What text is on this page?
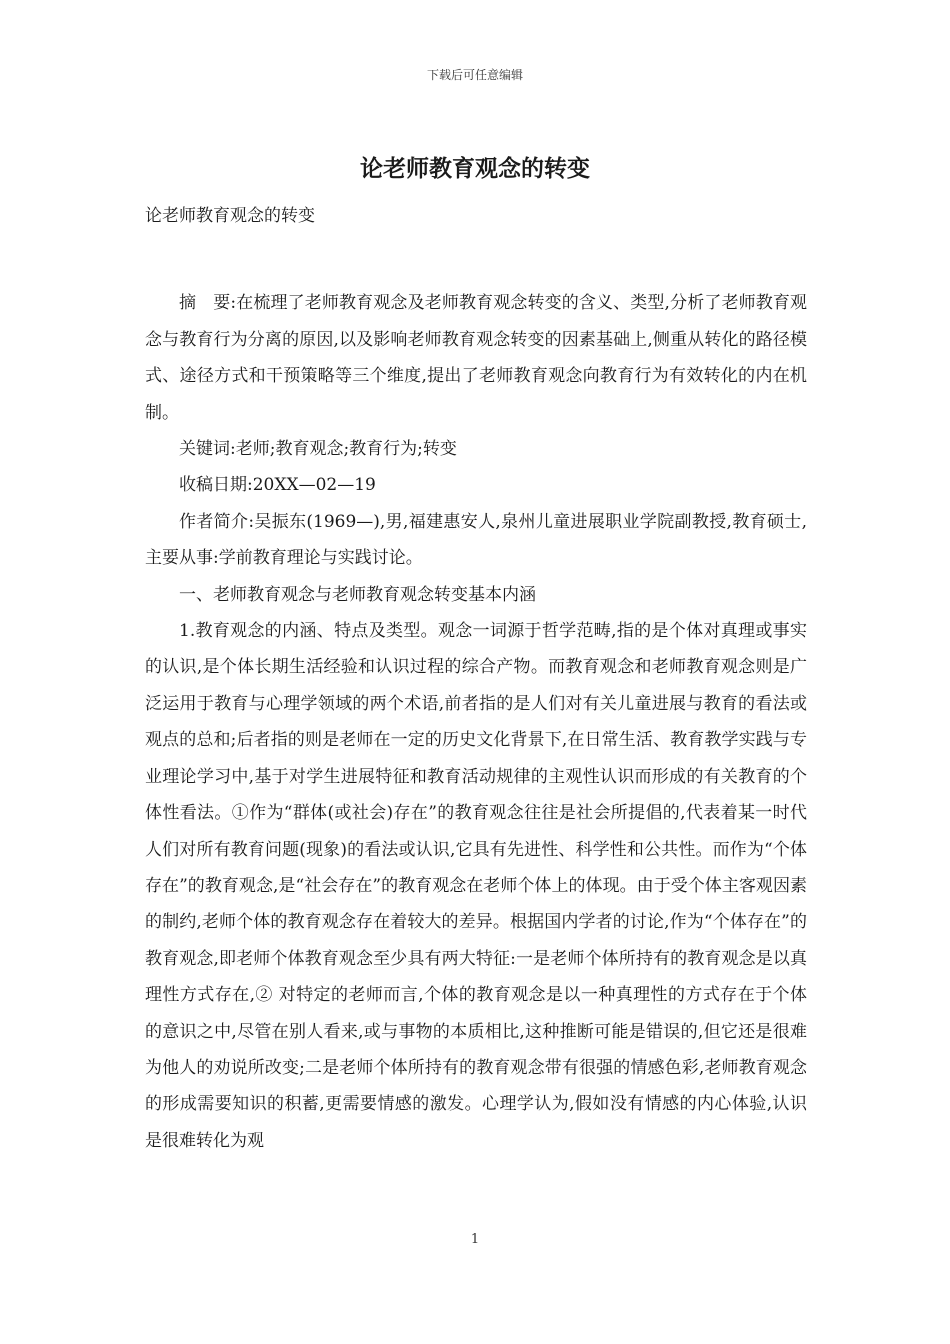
下载后可任意编辑
论老师教育观念的转变

论老师教育观念的转变

摘　要:在梳理了老师教育观念及老师教育观念转变的含义、类型,分析了老师教育观念与教育行为分离的原因,以及影响老师教育观念转变的因素基础上,侧重从转化的路径模式、途径方式和干预策略等三个维度,提出了老师教育观念向教育行为有效转化的内在机制。

关键词:老师;教育观念;教育行为;转变

收稿日期:20XX—02—19

作者简介:吴振东(1969—),男,福建惠安人,泉州儿童进展职业学院副教授,教育硕士,主要从事:学前教育理论与实践讨论。

一、老师教育观念与老师教育观念转变基本内涵

1.教育观念的内涵、特点及类型。观念一词源于哲学范畴,指的是个体对真理或事实的认识,是个体长期生活经验和认识过程的综合产物。而教育观念和老师教育观念则是广泛运用于教育与心理学领域的两个术语,前者指的是人们对有关儿童进展与教育的看法或观点的总和;后者指的则是老师在一定的历史文化背景下,在日常生活、教育教学实践与专业理论学习中,基于对学生进展特征和教育活动规律的主观性认识而形成的有关教育的个体性看法。①作为“群体(或社会)存在”的教育观念往往是社会所提倡的,代表着某一时代人们对所有教育问题(现象)的看法或认识,它具有先进性、科学性和公共性。而作为“个体存在”的教育观念,是“社会存在”的教育观念在老师个体上的体现。由于受个体主客观因素的制约,老师个体的教育观念存在着较大的差异。根据国内学者的讨论,作为“个体存在”的教育观念,即老师个体教育观念至少具有两大特征:一是老师个体所持有的教育观念是以真理性方式存在,② 对特定的老师而言,个体的教育观念是以一种真理性的方式存在于个体的意识之中,尽管在别人看来,或与事物的本质相比,这种推断可能是错误的,但它还是很难为他人的劝说所改变;二是老师个体所持有的教育观念带有很强的情感色彩,老师教育观念的形成需要知识的积蓄,更需要情感的激发。心理学认为,假如没有情感的内心体验,认识是很难转化为观

1
